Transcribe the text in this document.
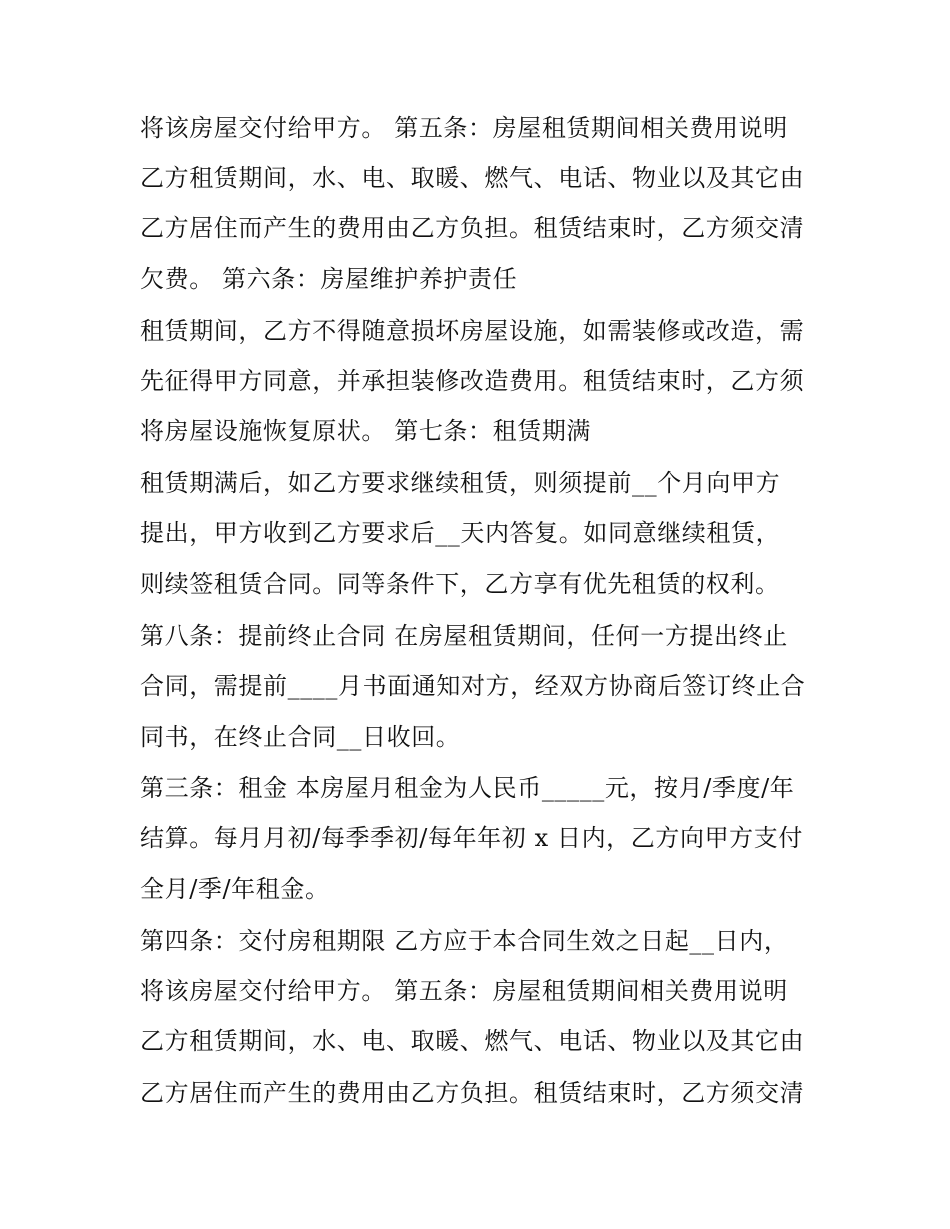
将该房屋交付给甲方。 第五条：房屋租赁期间相关费用说明
乙方租赁期间，水、电、取暖、燃气、电话、物业以及其它由
乙方居住而产生的费用由乙方负担。租赁结束时，乙方须交清
欠费。 第六条：房屋维护养护责任
租赁期间，乙方不得随意损坏房屋设施，如需装修或改造，需
先征得甲方同意，并承担装修改造费用。租赁结束时，乙方须
将房屋设施恢复原状。 第七条：租赁期满
租赁期满后，如乙方要求继续租赁，则须提前__个月向甲方
提出，甲方收到乙方要求后__天内答复。如同意继续租赁，
则续签租赁合同。同等条件下，乙方享有优先租赁的权利。
第八条：提前终止合同 在房屋租赁期间，任何一方提出终止
合同，需提前____月书面通知对方，经双方协商后签订终止合
同书，在终止合同__日收回。
第三条：租金 本房屋月租金为人民币_____元，按月/季度/年
结算。每月月初/每季季初/每年年初 x 日内，乙方向甲方支付
全月/季/年租金。
第四条：交付房租期限 乙方应于本合同生效之日起__日内，
将该房屋交付给甲方。 第五条：房屋租赁期间相关费用说明
乙方租赁期间，水、电、取暖、燃气、电话、物业以及其它由
乙方居住而产生的费用由乙方负担。租赁结束时，乙方须交清
